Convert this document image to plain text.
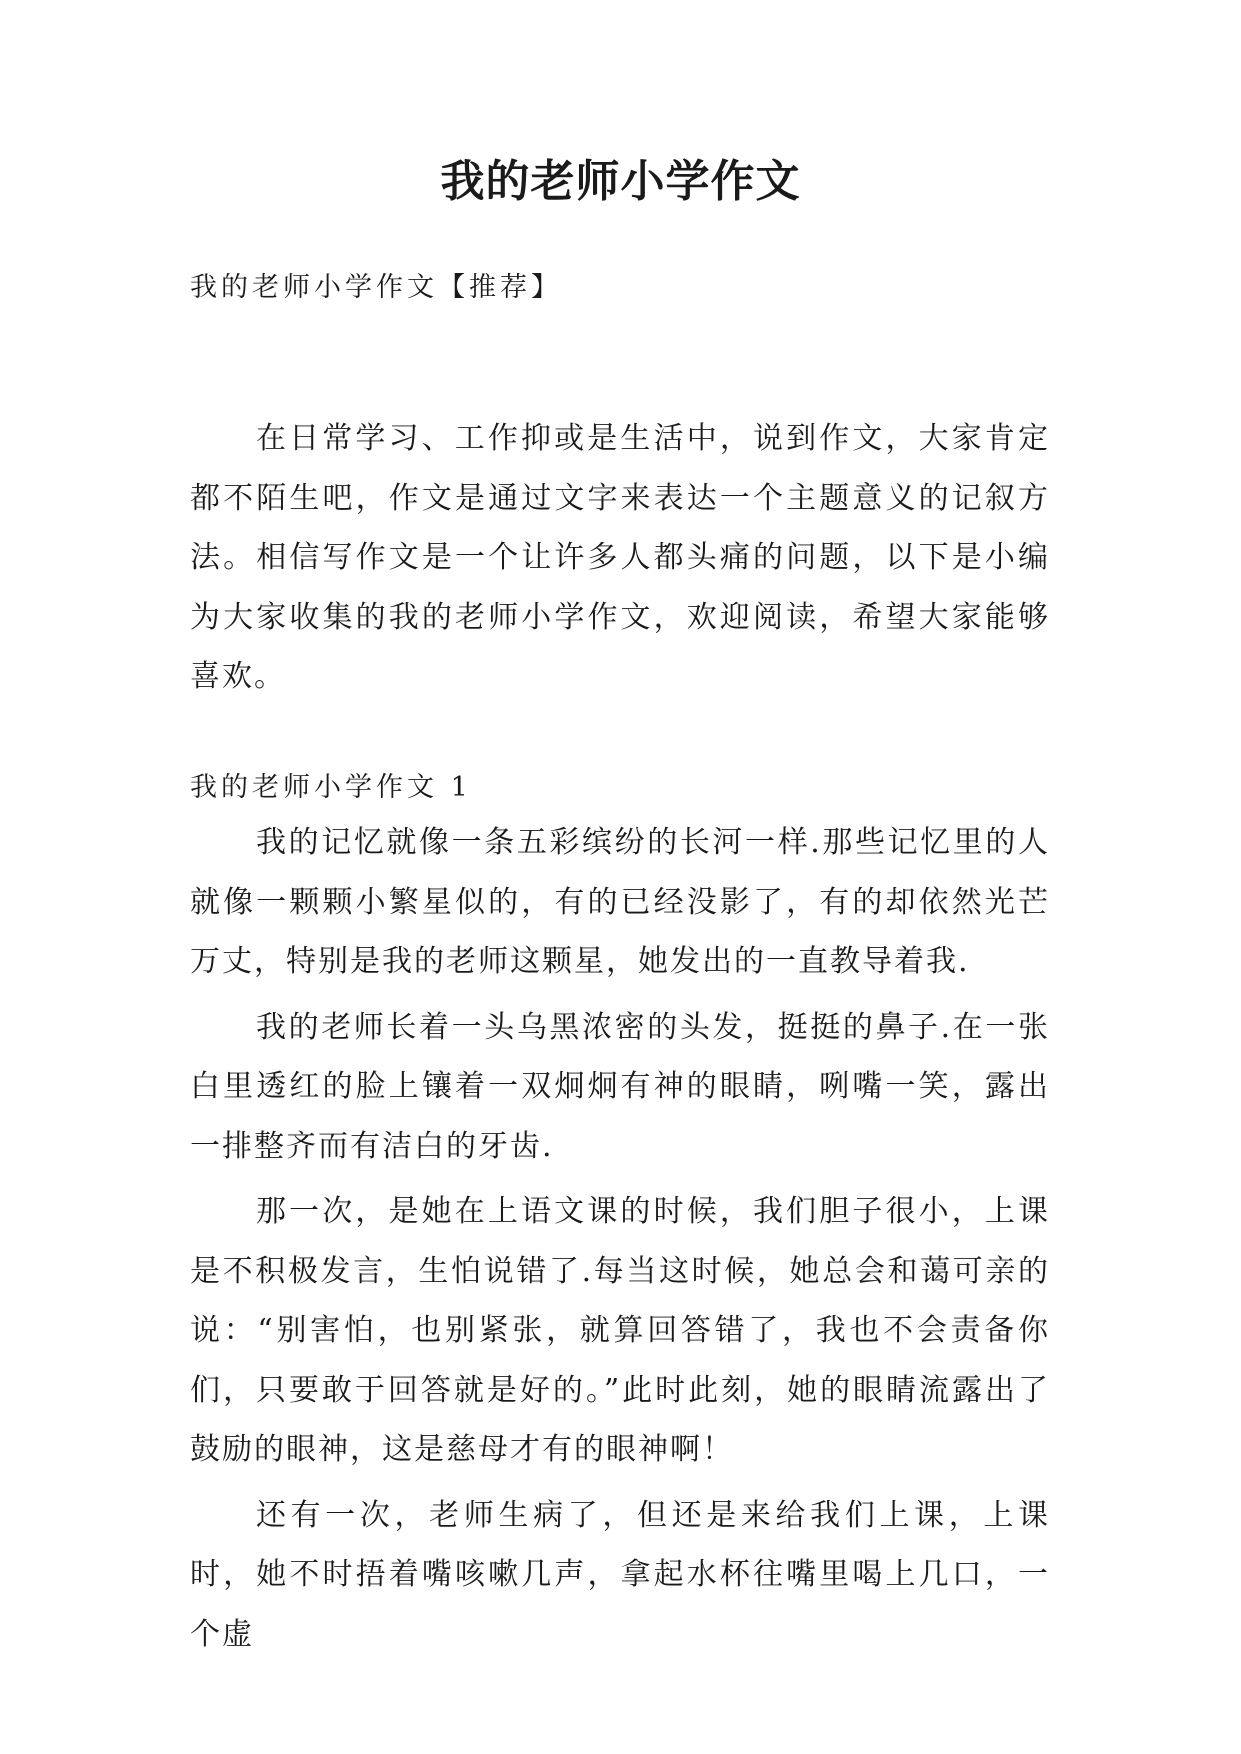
我的老师小学作文

我的老师小学作文【推荐】

在日常学习、工作抑或是生活中，说到作文，大家肯定都不陌生吧，作文是通过文字来表达一个主题意义的记叙方法。相信写作文是一个让许多人都头痛的问题，以下是小编为大家收集的我的老师小学作文，欢迎阅读，希望大家能够喜欢。

我的老师小学作文 1

我的记忆就像一条五彩缤纷的长河一样.那些记忆里的人就像一颗颗小繁星似的，有的已经没影了，有的却依然光芒万丈，特别是我的老师这颗星，她发出的一直教导着我.

我的老师长着一头乌黑浓密的头发，挺挺的鼻子.在一张白里透红的脸上镶着一双炯炯有神的眼睛，咧嘴一笑，露出一排整齐而有洁白的牙齿.

那一次，是她在上语文课的时候，我们胆子很小，上课是不积极发言，生怕说错了.每当这时候，她总会和蔼可亲的说：“别害怕，也别紧张，就算回答错了，我也不会责备你们，只要敢于回答就是好的。”此时此刻，她的眼睛流露出了鼓励的眼神，这是慈母才有的眼神啊！

还有一次，老师生病了，但还是来给我们上课，上课时，她不时捂着嘴咳嗽几声，拿起水杯往嘴里喝上几口，一个虚
